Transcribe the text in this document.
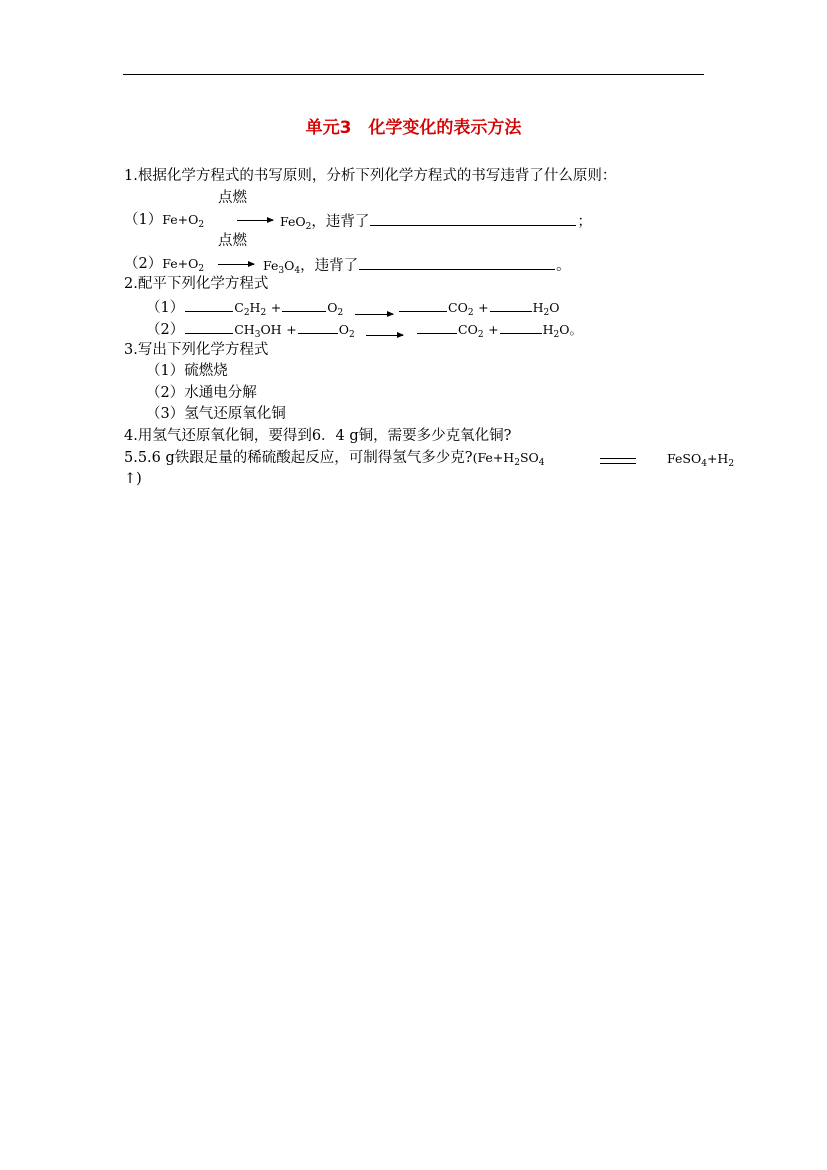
单元3　化学变化的表示方法
1.根据化学方程式的书写原则，分析下列化学方程式的书写违背了什么原则：
点燃
$(1)Fe+O_2$	FeO$_2$，违背了	；
点燃
$(2)Fe+O_2$	$Fe_3O_4$，违背了	。
2.配平下列化学方程式
（1）	$C_2H_2$ +	$O_2$	$CO_2$ +	$H_2O$
（2）	$CH_3OH$ +	$O_2$	$CO_2$ +	$H_2O$。
3.写出下列化学方程式
（1）硫燃烧
（2）水通电分解
（3）氢气还原氧化铜
4.用氢气还原氧化铜，要得到6．4 g铜，需要多少克氧化铜?
5.5.6 g铁跟足量的稀硫酸起反应，可制得氢气多少克$?(Fe+H_2SO_4$	$FeSO_4+H_2$
↑)
